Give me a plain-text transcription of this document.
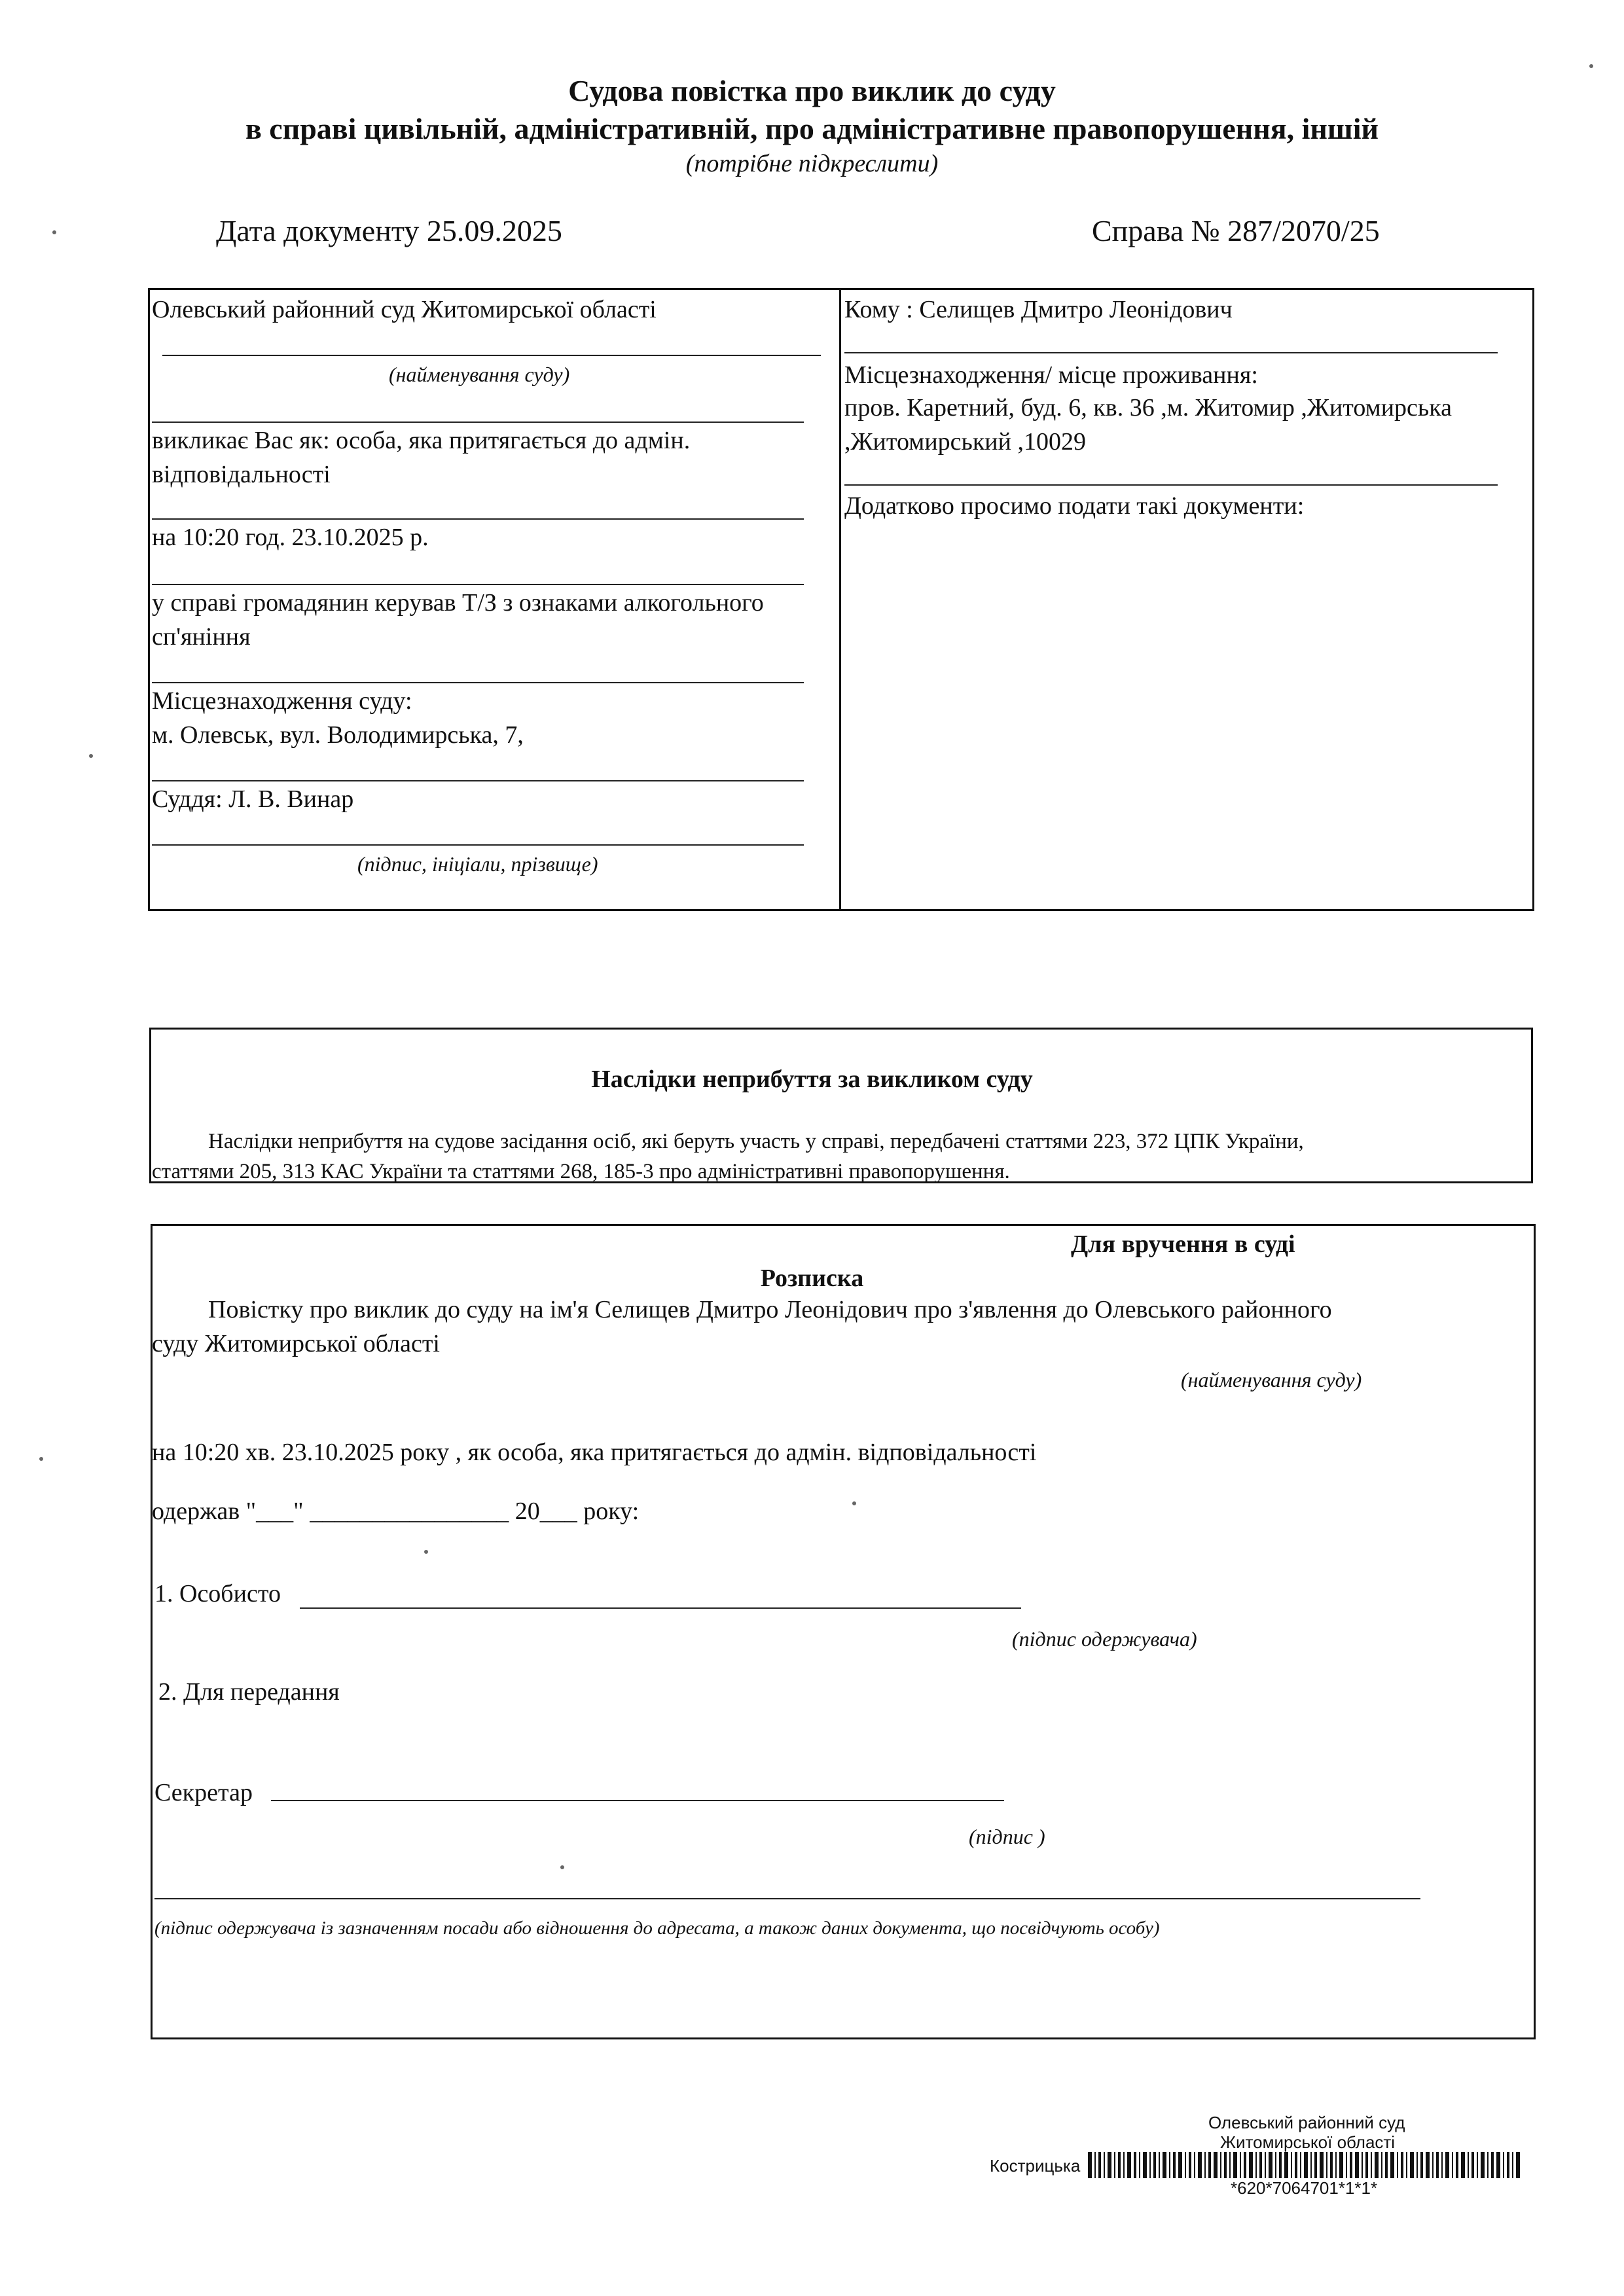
Судова повістка про виклик до суду
в справі цивільній, адміністративній, про адміністративне правопорушення, іншій
(потрібне підкреслити)
Дата документу 25.09.2025	Справа № 287/2070/25
Олевський районний суд Житомирської області
(найменування суду)
викликає Вас як: особа, яка притягається до адмін.
відповідальності
на 10:20 год. 23.10.2025 р.
у справі громадянин керував Т/З з ознаками алкогольного
сп'яніння
Місцезнаходження суду:
м. Олевськ, вул. Володимирська, 7,
Суддя: Л. В. Винар
(підпис, ініціали, прізвище)
Кому : Селищев Дмитро Леонідович
Місцезнаходження/ місце проживання:
пров. Каретний, буд. 6, кв. 36 ,м. Житомир ,Житомирська
,Житомирський ,10029
Додатково просимо подати такі документи:
Наслідки неприбуття за викликом суду
Наслідки неприбуття на судове засідання осіб, які беруть участь у справі, передбачені статтями 223, 372 ЦПК України,
статтями 205, 313 КАС України та статтями 268, 185-3 про адміністративні правопорушення.
Для вручення в суді
Розписка
Повістку про виклик до суду на ім'я Селищев Дмитро Леонідович про з'явлення до Олевського районного
суду Житомирської області
(найменування суду)
на 10:20 хв. 23.10.2025 року , як особа, яка притягається до адмін. відповідальності
одержав "___" ________________ 20___ року:
1. Особисто
(підпис одержувача)
2. Для передання
Секретар
(підпис )
(підпис одержувача із зазначенням посади або відношення до адресата, а також даних документа, що посвідчують особу)
Олевський районний суд
Житомирської області
Кострицька
*620*7064701*1*1*
